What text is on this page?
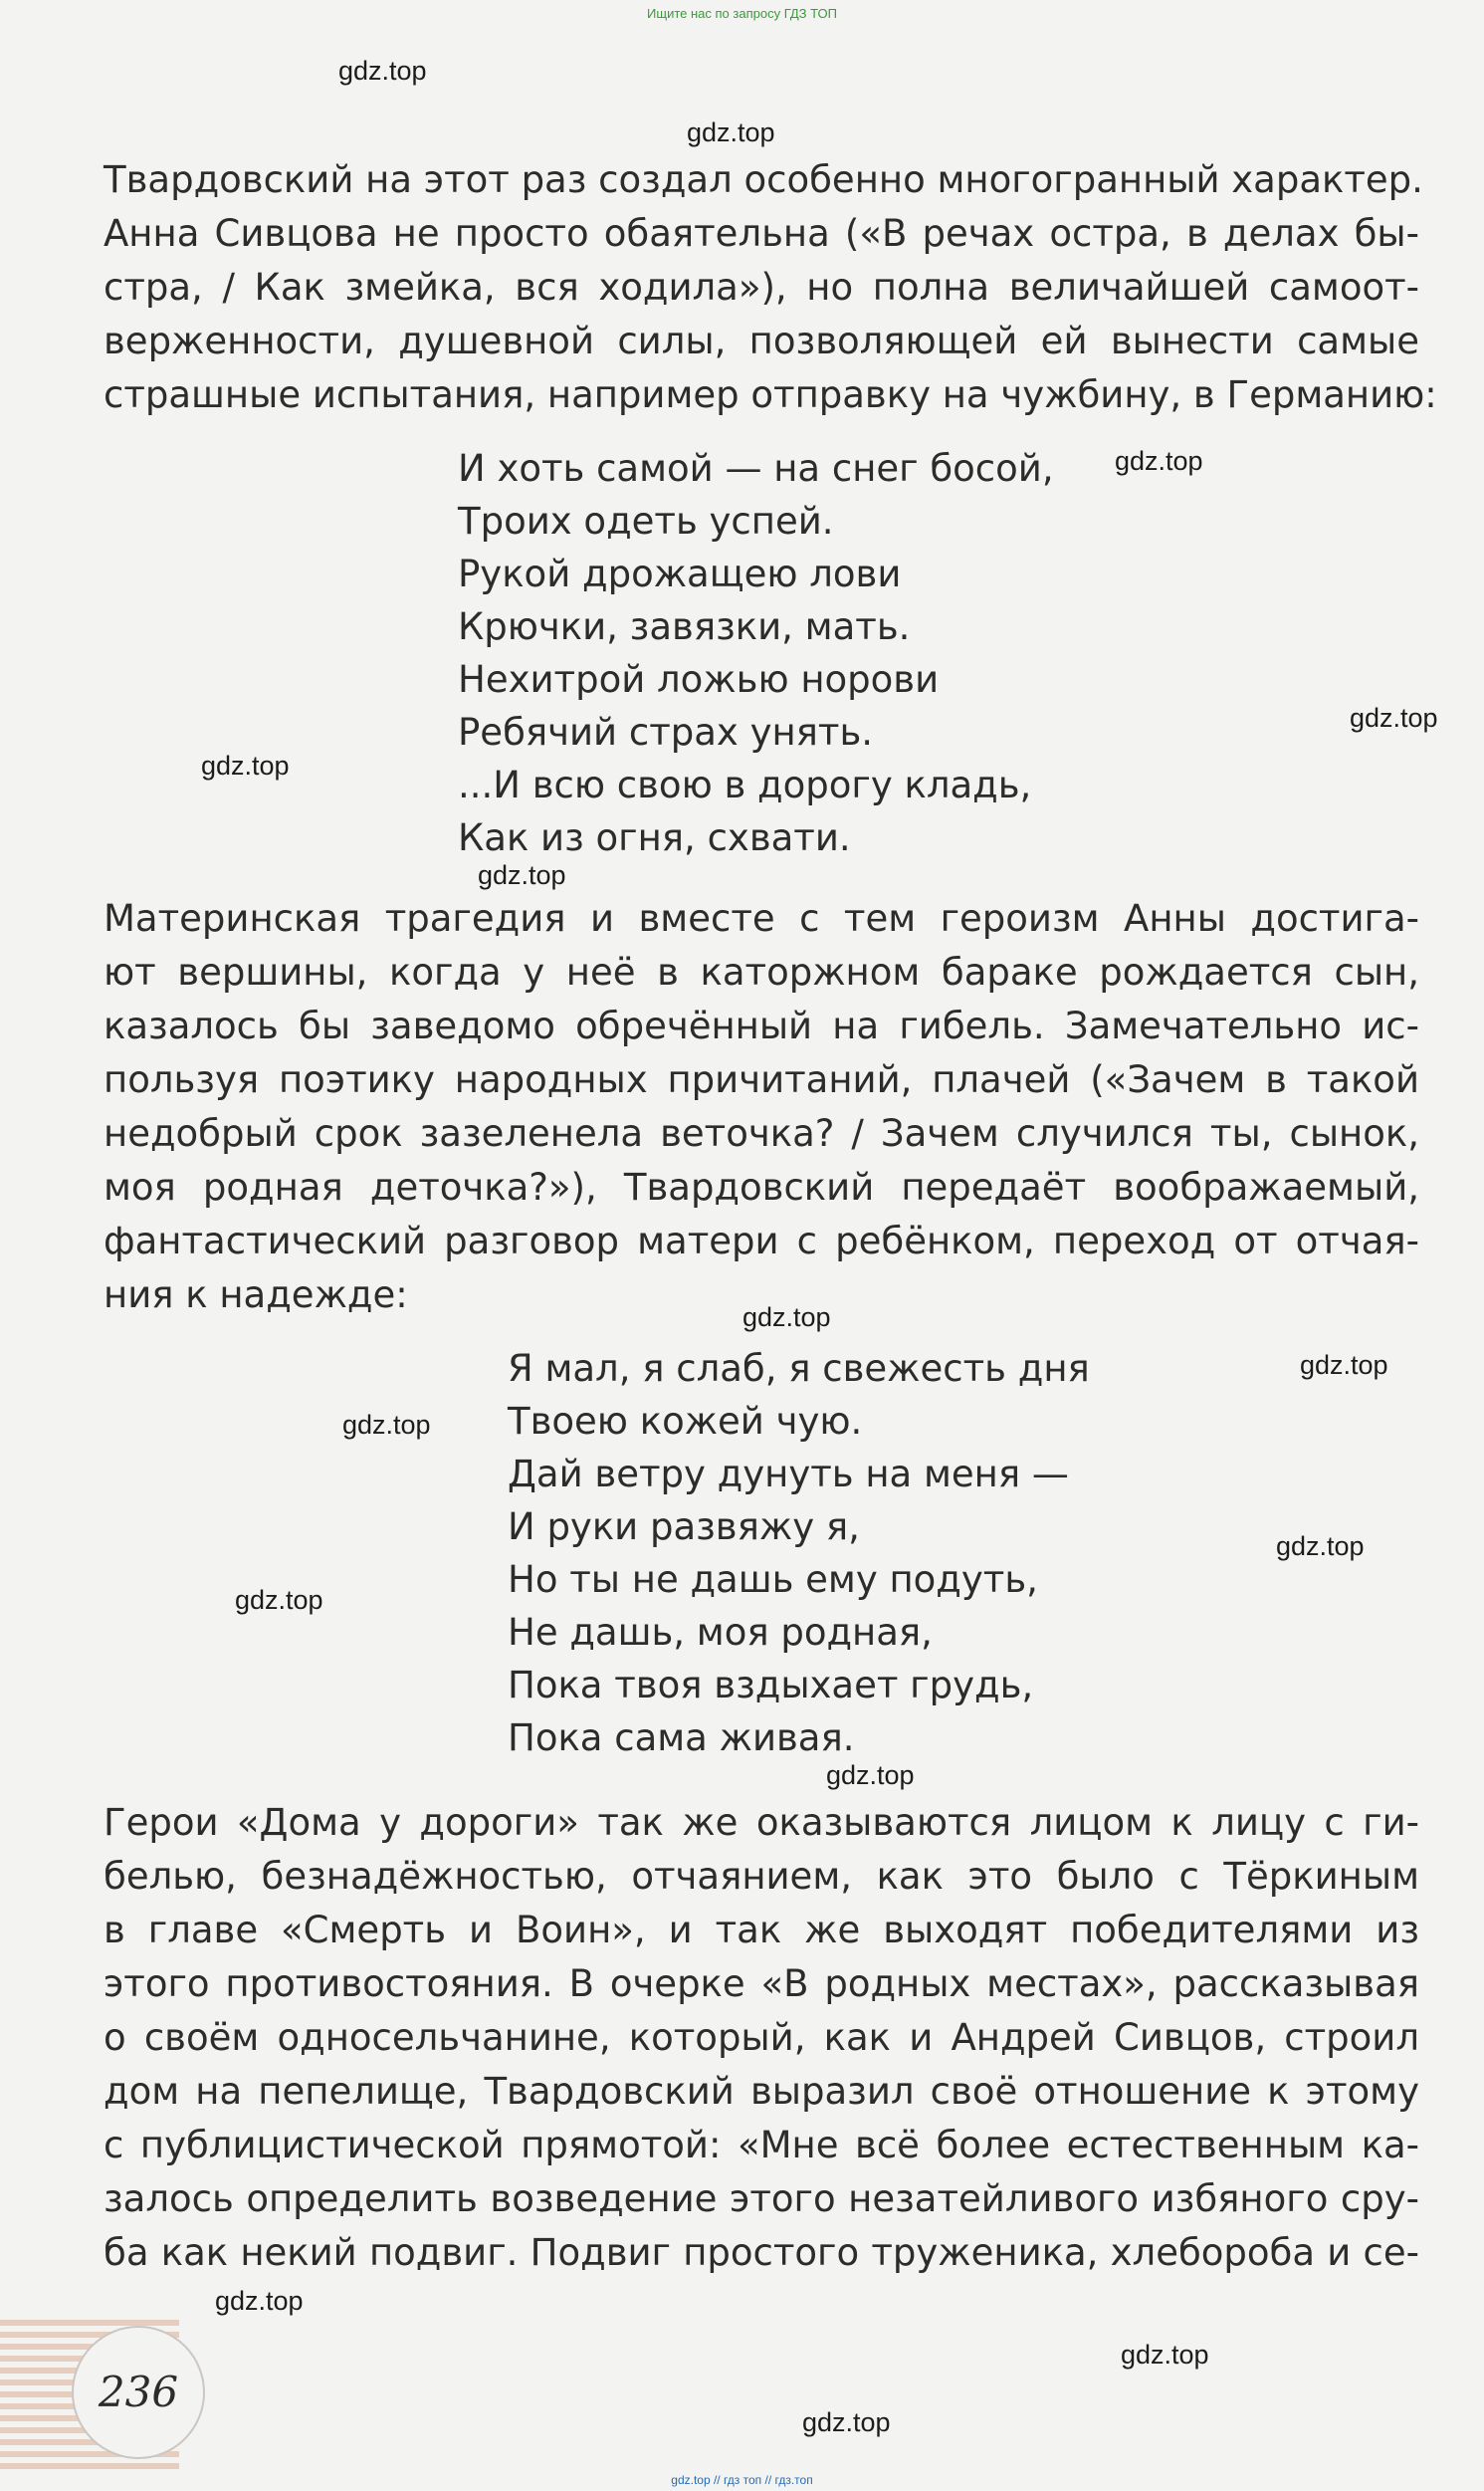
Ищите нас по запросу ГДЗ ТОП
gdz.top
gdz.top
Твардовский на этот раз создал особенно многогранный характер.
Анна Сивцова не просто обаятельна («В речах остра, в делах бы-
стра, / Как змейка, вся ходила»), но полна величайшей самоот-
верженности, душевной силы, позволяющей ей вынести самые
страшные испытания, например отправку на чужбину, в Германию:
И хоть самой — на снег босой,
Троих одеть успей.
Рукой дрожащею лови
Крючки, завязки, мать.
Нехитрой ложью норови
Ребячий страх унять.
...И всю свою в дорогу кладь,
Как из огня, схвати.
gdz.top
gdz.top
gdz.top
gdz.top
Материнская трагедия и вместе с тем героизм Анны достига-
ют вершины, когда у неё в каторжном бараке рождается сын,
казалось бы заведомо обречённый на гибель. Замечательно ис-
пользуя поэтику народных причитаний, плачей («Зачем в такой
недобрый срок зазеленела веточка? / Зачем случился ты, сынок,
моя родная деточка?»), Твардовский передаёт воображаемый,
фантастический разговор матери с ребёнком, переход от отчая-
ния к надежде:
gdz.top
gdz.top
gdz.top
Я мал, я слаб, я свежесть дня
Твоею кожей чую.
Дай ветру дунуть на меня —
И руки развяжу я,
Но ты не дашь ему подуть,
Не дашь, моя родная,
Пока твоя вздыхает грудь,
Пока сама живая.
gdz.top
gdz.top
gdz.top
Герои «Дома у дороги» так же оказываются лицом к лицу с ги-
белью, безнадёжностью, отчаянием, как это было с Тёркиным
в главе «Смерть и Воин», и так же выходят победителями из
этого противостояния. В очерке «В родных местах», рассказывая
о своём односельчанине, который, как и Андрей Сивцов, строил
дом на пепелище, Твардовский выразил своё отношение к этому
с публицистической прямотой: «Мне всё более естественным ка-
залось определить возведение этого незатейливого избяного сру-
ба как некий подвиг. Подвиг простого труженика, хлебороба и се-
gdz.top
236
gdz.top
gdz.top
gdz.top // гдз топ // гдз.топ
